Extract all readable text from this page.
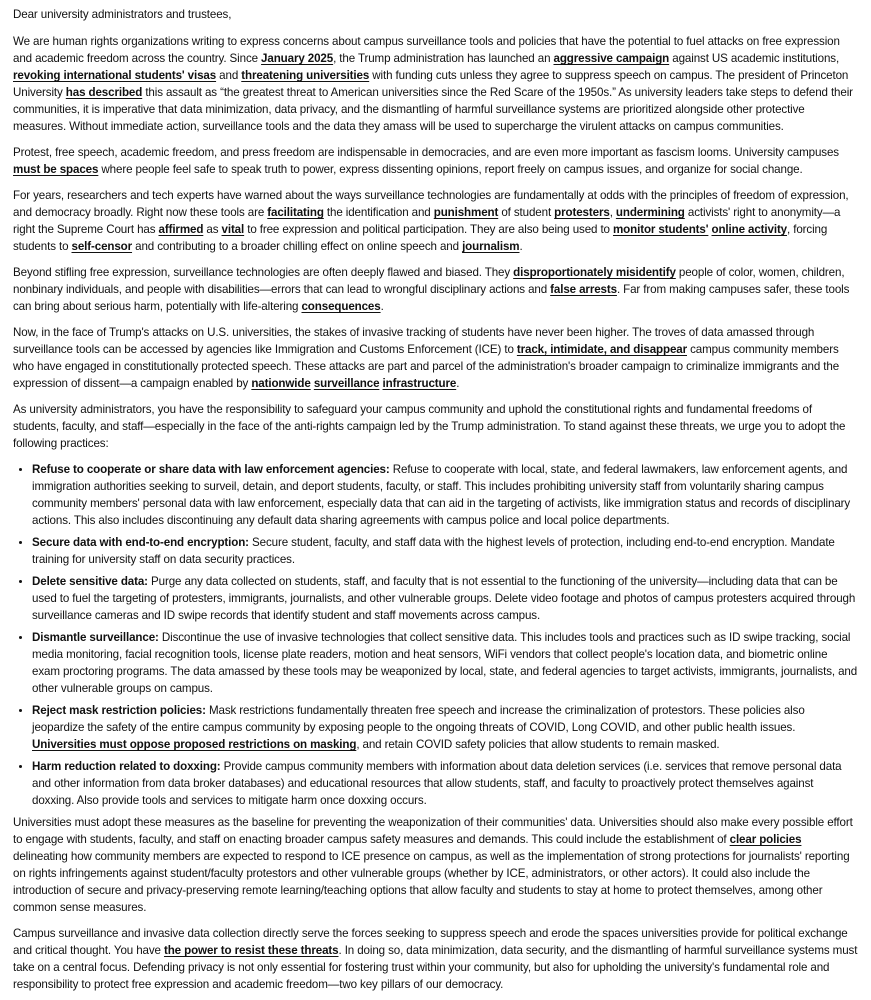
Dear university administrators and trustees,

We are human rights organizations writing to express concerns about campus surveillance tools and policies that have the potential to fuel attacks on free expression and academic freedom across the country. Since January 2025, the Trump administration has launched an aggressive campaign against US academic institutions, revoking international students' visas and threatening universities with funding cuts unless they agree to suppress speech on campus. The president of Princeton University has described this assault as “the greatest threat to American universities since the Red Scare of the 1950s.” As university leaders take steps to defend their communities, it is imperative that data minimization, data privacy, and the dismantling of harmful surveillance systems are prioritized alongside other protective measures. Without immediate action, surveillance tools and the data they amass will be used to supercharge the virulent attacks on campus communities.

Protest, free speech, academic freedom, and press freedom are indispensable in democracies, and are even more important as fascism looms. University campuses must be spaces where people feel safe to speak truth to power, express dissenting opinions, report freely on campus issues, and organize for social change.

For years, researchers and tech experts have warned about the ways surveillance technologies are fundamentally at odds with the principles of freedom of expression, and democracy broadly. Right now these tools are facilitating the identification and punishment of student protesters, undermining activists' right to anonymity—a right the Supreme Court has affirmed as vital to free expression and political participation. They are also being used to monitor students' online activity, forcing students to self-censor and contributing to a broader chilling effect on online speech and journalism.

Beyond stifling free expression, surveillance technologies are often deeply flawed and biased. They disproportionately misidentify people of color, women, children, nonbinary individuals, and people with disabilities—errors that can lead to wrongful disciplinary actions and false arrests. Far from making campuses safer, these tools can bring about serious harm, potentially with life-altering consequences.

Now, in the face of Trump's attacks on U.S. universities, the stakes of invasive tracking of students have never been higher. The troves of data amassed through surveillance tools can be accessed by agencies like Immigration and Customs Enforcement (ICE) to track, intimidate, and disappear campus community members who have engaged in constitutionally protected speech. These attacks are part and parcel of the administration's broader campaign to criminalize immigrants and the expression of dissent—a campaign enabled by nationwide surveillance infrastructure.

As university administrators, you have the responsibility to safeguard your campus community and uphold the constitutional rights and fundamental freedoms of students, faculty, and staff—especially in the face of the anti-rights campaign led by the Trump administration. To stand against these threats, we urge you to adopt the following practices:

• Refuse to cooperate or share data with law enforcement agencies: Refuse to cooperate with local, state, and federal lawmakers, law enforcement agents, and immigration authorities seeking to surveil, detain, and deport students, faculty, or staff. This includes prohibiting university staff from voluntarily sharing campus community members' personal data with law enforcement, especially data that can aid in the targeting of activists, like immigration status and records of disciplinary actions. This also includes discontinuing any default data sharing agreements with campus police and local police departments.
• Secure data with end-to-end encryption: Secure student, faculty, and staff data with the highest levels of protection, including end-to-end encryption. Mandate training for university staff on data security practices.
• Delete sensitive data: Purge any data collected on students, staff, and faculty that is not essential to the functioning of the university—including data that can be used to fuel the targeting of protesters, immigrants, journalists, and other vulnerable groups. Delete video footage and photos of campus protesters acquired through surveillance cameras and ID swipe records that identify student and staff movements across campus.
• Dismantle surveillance: Discontinue the use of invasive technologies that collect sensitive data. This includes tools and practices such as ID swipe tracking, social media monitoring, facial recognition tools, license plate readers, motion and heat sensors, WiFi vendors that collect people's location data, and biometric online exam proctoring programs. The data amassed by these tools may be weaponized by local, state, and federal agencies to target activists, immigrants, journalists, and other vulnerable groups on campus.
• Reject mask restriction policies: Mask restrictions fundamentally threaten free speech and increase the criminalization of protestors. These policies also jeopardize the safety of the entire campus community by exposing people to the ongoing threats of COVID, Long COVID, and other public health issues. Universities must oppose proposed restrictions on masking, and retain COVID safety policies that allow students to remain masked.
• Harm reduction related to doxxing: Provide campus community members with information about data deletion services (i.e. services that remove personal data and other information from data broker databases) and educational resources that allow students, staff, and faculty to proactively protect themselves against doxxing. Also provide tools and services to mitigate harm once doxxing occurs.

Universities must adopt these measures as the baseline for preventing the weaponization of their communities' data. Universities should also make every possible effort to engage with students, faculty, and staff on enacting broader campus safety measures and demands. This could include the establishment of clear policies delineating how community members are expected to respond to ICE presence on campus, as well as the implementation of strong protections for journalists' reporting on rights infringements against student/faculty protestors and other vulnerable groups (whether by ICE, administrators, or other actors). It could also include the introduction of secure and privacy-preserving remote learning/teaching options that allow faculty and students to stay at home to protect themselves, among other common sense measures.

Campus surveillance and invasive data collection directly serve the forces seeking to suppress speech and erode the spaces universities provide for political exchange and critical thought. You have the power to resist these threats. In doing so, data minimization, data security, and the dismantling of harmful surveillance systems must take on a central focus. Defending privacy is not only essential for fostering trust within your community, but also for upholding the university's fundamental role and responsibility to protect free expression and academic freedom—two key pillars of our democracy.
